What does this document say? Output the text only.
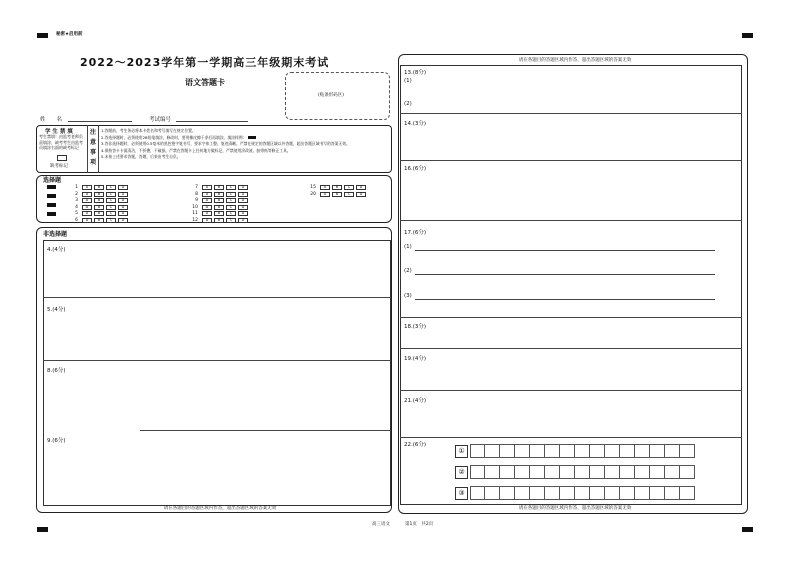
秘密★启用前
2022～2023学年第一学期高三年级期末考试
语文答题卡
(贴条形码区)
姓　　名	考试编号
学 生 禁 填
考生禁填！由监考老师负责填涂，缺考考生由监考员填涂右面的缺考标记
缺考标记
注
意
事
项
1.答题前，考生务必将本卡姓名和考号填写在规定位置。
2.答选择题时，必须使用2B铅笔填涂，修改时，要用橡皮擦干净后再填涂。填涂样例：
3.答非选择题时，必须使用0.5毫米的黑色签字笔书写，要求字体工整、笔迹清晰。严禁在规定的答题区域以外答题，超出答题区域书写的答案无效。
4.保持答卡卡面清洁，不折叠，不破损。严禁在答题卡上任何地方做标记，严禁使用涂改液、胶带纸等修正工具。
5.未按上述要求答题，答题，后果由考生自负。
选择题
1	A	B	C	D
2	A	B	C	D
3	A	B	C	D
4	A	B	C	D
5	A	B	C	D
6	A	B	C	D
7	A	B	C	D
8	A	B	C	D
9	A	B	C	D
10	A	B	C	D
11	A	B	C	D
12	A	B	C	D
15	A	B	C	D
20	A	B	C	D
非选择题
4.(4分)
5.(4分)
8.(6分)
9.(6分)
请在各题目的答题区域内作答，超出答题区域的答案无效
请在各题目的答题区域内作答，超出答题区域的答案无效
13.(8分)
(1)
(2)
14.(3分)
16.(6分)
17.(6分)
(1)
(2)
(3)
18.(3分)
19.(4分)
21.(4分)
22.(6分)
①
②
③
请在各题目的答题区域内作答，超出答题区域的答案无效
高三语文	第1页　共2页
